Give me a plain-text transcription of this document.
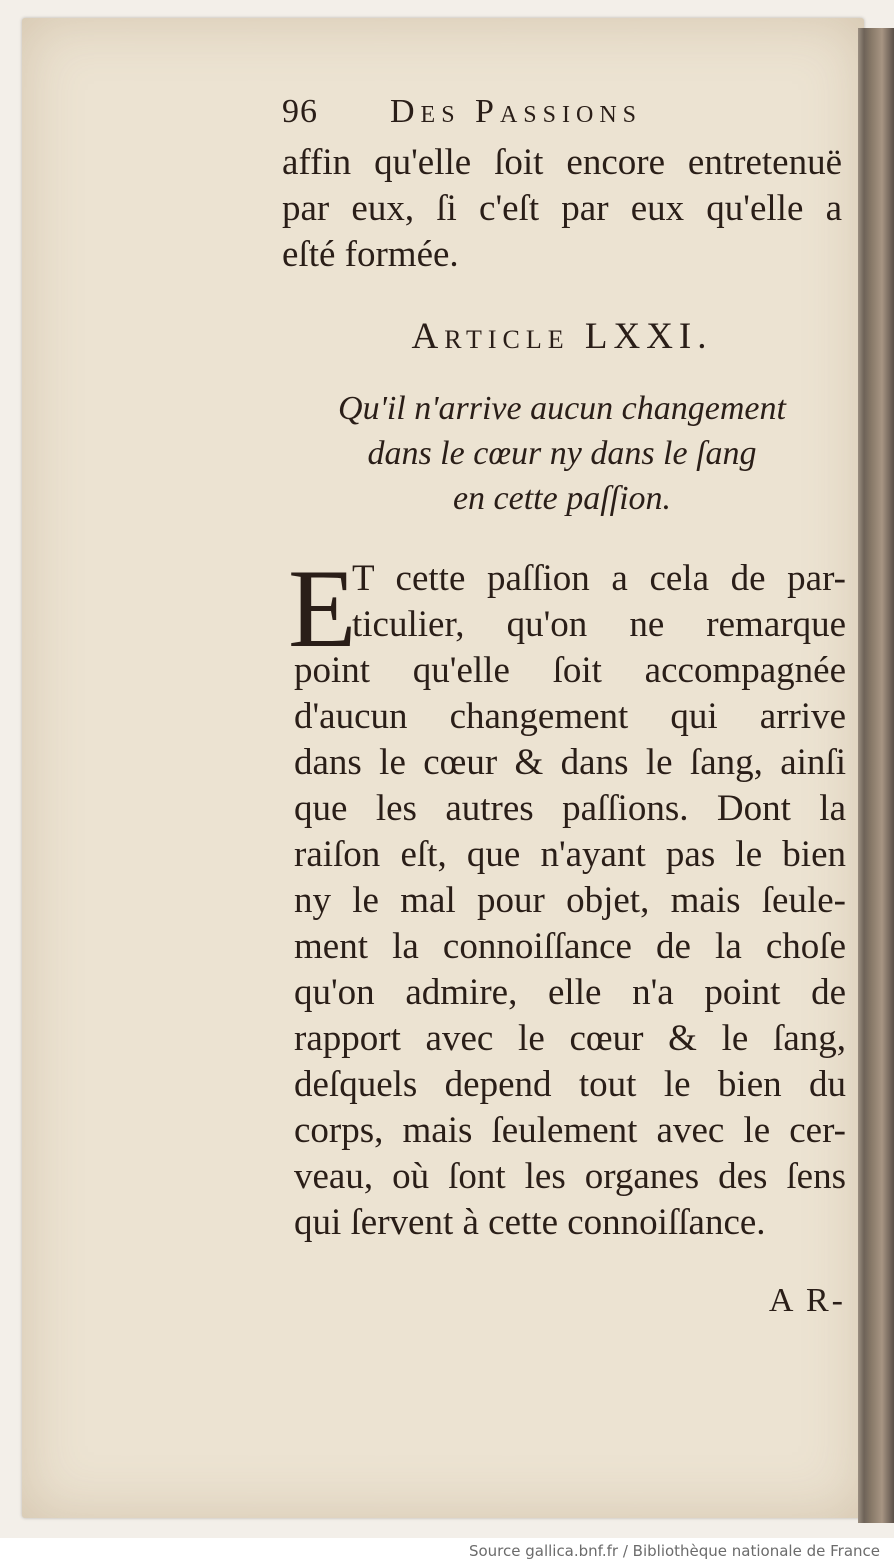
96 Des Passions
affin qu'elle ſoit encore entretenuë
par eux, ſi c'eſt par eux qu'elle a
eſté formée.
Article LXXI.
Qu'il n'arrive aucun changement
dans le cœur ny dans le ſang
en cette paſſion.
E
T cette paſſion a cela de par-
ticulier, qu'on ne remarque
point qu'elle ſoit accompagnée
d'aucun changement qui arrive
dans le cœur & dans le ſang, ainſi
que les autres paſſions. Dont la
raiſon eſt, que n'ayant pas le bien
ny le mal pour objet, mais ſeule-
ment la connoiſſance de la choſe
qu'on admire, elle n'a point de
rapport avec le cœur & le ſang,
deſquels depend tout le bien du
corps, mais ſeulement avec le cer-
veau, où ſont les organes des ſens
qui ſervent à cette connoiſſance.
A R-
Source gallica.bnf.fr / Bibliothèque nationale de France
